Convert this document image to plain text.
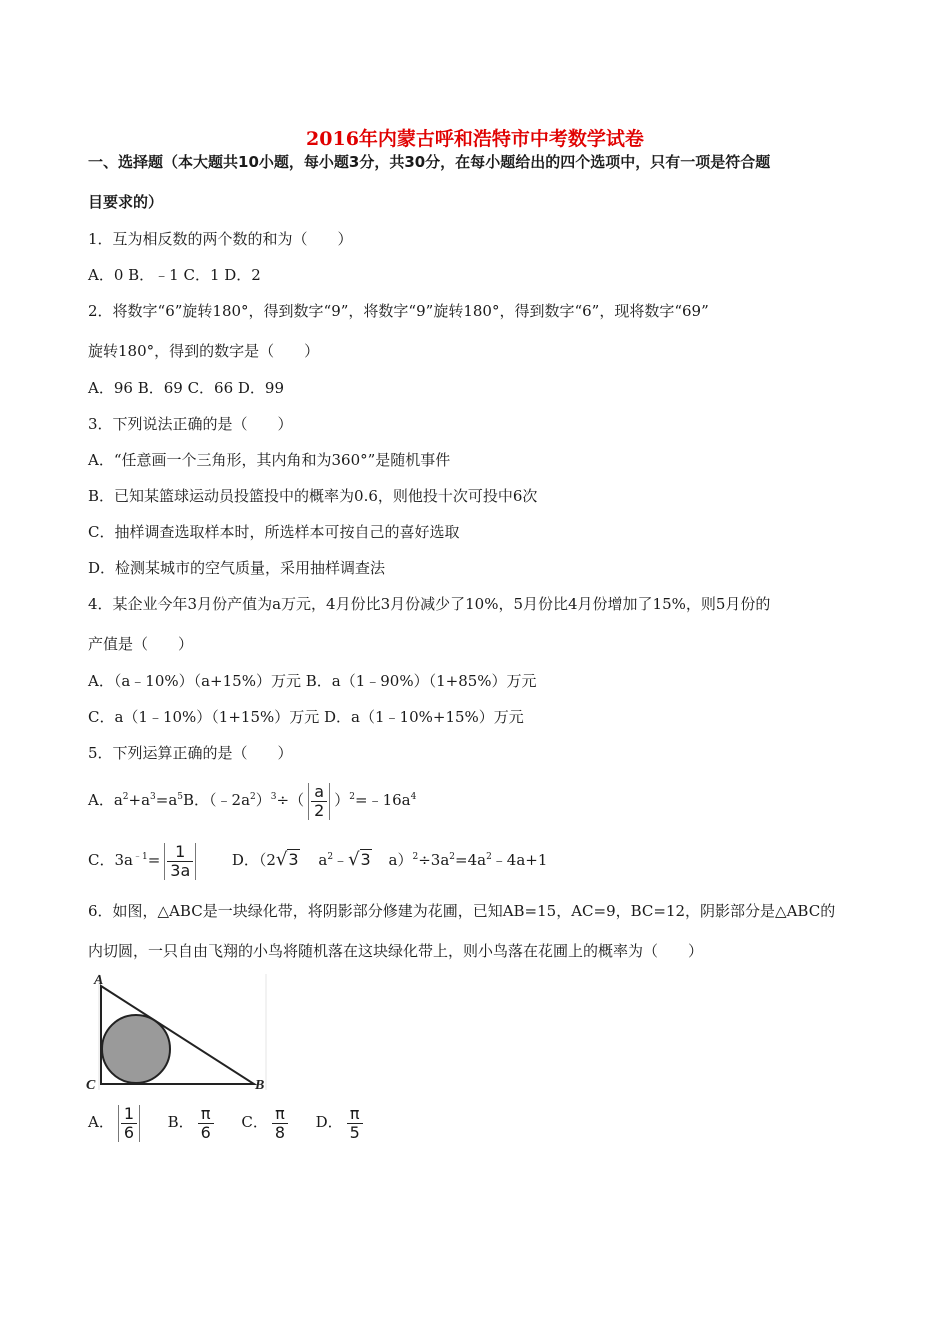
2016年内蒙古呼和浩特市中考数学试卷
一、选择题（本大题共10小题，每小题3分，共30分，在每小题给出的四个选项中，只有一项是符合题
目要求的）
1．互为相反数的两个数的和为（　　）
A．0 B．﹣1 C．1 D．2
2．将数字“6”旋转180°，得到数字“9”，将数字“9”旋转180°，得到数字“6”，现将数字“69”
旋转180°，得到的数字是（　　）
A．96 B．69 C．66 D．99
3．下列说法正确的是（　　）
A．“任意画一个三角形，其内角和为360°”是随机事件
B．已知某篮球运动员投篮投中的概率为0.6，则他投十次可投中6次
C．抽样调查选取样本时，所选样本可按自己的喜好选取
D．检测某城市的空气质量，采用抽样调查法
4．某企业今年3月份产值为a万元，4月份比3月份减少了10%，5月份比4月份增加了15%，则5月份的
产值是（　　）
A．（a﹣10%）（a+15%）万元 B．a（1﹣90%）（1+85%）万元
C．a（1﹣10%）（1+15%）万元 D．a（1﹣10%+15%）万元
5．下列运算正确的是（　　）
A．$a^2+a^3=a^5B$．$(﹣2a^2)^3\div( \frac{a}{2}$ ）$^2=﹣16a^4$
C．$3a^{﹣1}= \frac{1}{3a}$ D．（2√3 $a^2﹣√3$ $a)^2\div 3a^2=4a^2﹣4a+1$
6．如图，△ABC是一块绿化带，将阴影部分修建为花圃，已知AB=15，AC=9，BC=12，阴影部分是△ABC的
内切圆，一只自由飞翔的小鸟将随机落在这块绿化带上，则小鸟落在花圃上的概率为（　　）
A
C	B
A． $\frac{1}{6}$ B． $\frac{\pi}{6}$ C． $\frac{\pi}{8}$ D． $\frac{\pi}{5}$
